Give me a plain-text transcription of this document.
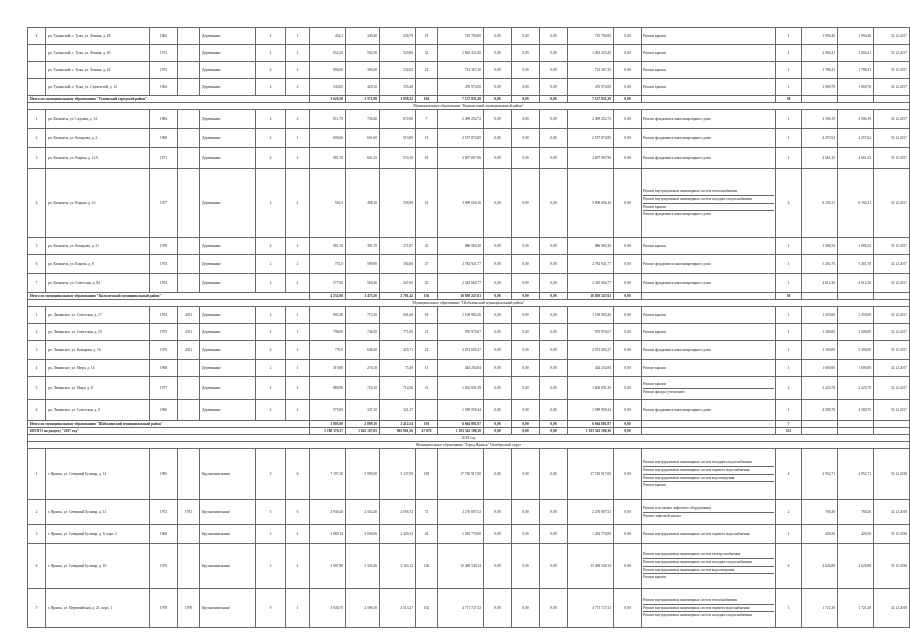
4	рп. Тужанский, г. Тужа, ул. Ленина, д. 28	1962		Деревянные	2	1	454,2	349,40	249,79	19	725 760,00	0,00	0,00	0,00	725 760,00	0,00	Ремонт крыши	1	1 994,40	1 994,40	31.12.2017
	рп. Тужанский, г. Тужа, ул. Ленина, д. 40	1972		Деревянные	2	2	652,20	592,30	520,80	23	1 063 433,20	0,00	0,00	0,00	1 063 433,20	0,00	Ремонт крыши	1	2 004,41	2 004,41	31.12.2017
	рп. Тужанский, г. Тужа, ул. Ленина, д. 24	1973		Деревянные	2	2	890,00	399,40	132,02	22	714 367,20	0,00	0,00	0,00	714 367,20	0,00	Ремонт крыши	1	1 788,41	1 788,41	31.12.2017
	рп. Тужанский, г. Тужа, ул. Строителей, д. 12	1964		Деревянные	2	2	543,00	429,10	155,40		476 974,00	0,00	0,00	0,00	476 974,00	0,00	Ремонт крыши	1	1 069,70	1 069,70	31.12.2017
Итого по муниципальному образованию "Тужинский городской район"							3 620,30	2 571,90	1 058,32	104	7 137 831,20	0,00	0,00	0,00	7 137 831,20	0,00		38			
Муниципальное образование "Кильмезский муниципальный район"																					
1	рп. Кильмезь, ул. Садовая, д. 14	1984		Деревянные	2	2	811,70	730,40	672,90	7	2 499 252,72	0,00	0,00	0,00	2 499 252,72	0,00	Ремонт фундамента многоквартирного дома	1	3 506,19	3 506,19	31.12.2017
2	рп. Кильмезь, ул. Комарова, д. 2	1969		Деревянные	2	1	600,60	601,60	513,80	13	2 557 874,85	0,00	0,00	0,00	2 557 874,85	0,00	Ремонт фундамента многоквартирного дома	1	4 257,62	4 257,62	31.12.2017
3	рп. Кильмезь, ул. Кирова, д. 12А	1971		Деревянные	2	2	981,50	601,25	574,10	18	2 697 067,96	0,00	0,00	0,00	2 697 067,96	0,00	Ремонт фундамента многоквартирного дома	1	4 661,25	4 661,25	31.12.2017
4	рп. Кильмезь, ул. Кирова, д. 16	1977		Деревянные	2	2	562,9	498,10	358,90	21	3 009 656,16	0,00	0,00	0,00	3 009 656,16	0,00	Ремонт внутридомовых инженерных систем теплоснабжения
Ремонт внутридомовых инженерных систем холодного водоснабжения
Ремонт крыши
Ремонт фундамента многоквартирного дома	4	6 192,31	6 192,31	31.12.2017
5	рп. Кильмезь, ул. Комарова, д. 21	1978		Деревянные	2	2	981,30	381,70	371,87	23	886 965,30	0,00	0,00	0,00	886 965,30	0,00	Ремонт крыши	1	1 086,54	1 086,54	31.12.2017
6	рп. Кильмезь, ул. Кирова, д. 8	1974		Деревянные	2	2	751,5	589,90	192,60	27	2 782 921,77	0,00	0,00	0,00	2 782 921,77	0,00	Ремонт фундамента многоквартирного дома	1	5 261,70	5 261,70	31.12.2017
7	рп. Кильмезь, ул. Советская, д. 84	1974		Деревянные	2	2	577,60	500,46	447,00	23	2 345 664,77	0,00	0,00	0,00	2 345 664,77	0,00	Ремонт фундамента многоквартирного дома	1	4 612,36	4 612,36	31.12.2017
Итого по муниципальному образованию "Кильмезский муниципальный район"							4 232,00	3 473,20	2 791,42	156	16 850 247,63	0,00	0,00	0,00	16 850 247,63	0,00		30			
Муниципальное образование "Шабалинский муниципальный район"																					
1	рп. Ленинское, ул. Советская, д. 17	1974	2011	Деревянные	2	1	805,30	772,30	601,60	18	1 109 983,26	0,00	0,00	0,00	1 109 983,26	0,00	Ремонт крыши	1	1 450,00	1 450,00	31.12.2017
2	рп. Ленинское, ул. Советская, д. 19	1975	2011	Деревянные	2	1	796,00	746,50	771,00	21	970 976,67	0,00	0,00	0,00	970 976,67	0,00	Ремонт крыши	1	1 300,00	1 300,00	31.12.2017
3	рп. Ленинское, ул. Комарова, д. 16	1970	2011	Деревянные	2	2	770,0	648,20	425,71	22	2 072 605,27	0,00	0,00	0,00	2 072 605,27	0,00	Ремонт фундамента многоквартирного дома	1	3 300,00	3 300,00	31.12.2017
4	рп. Ленинское, ул. Мира, д. 14	1968		Деревянные	2	1	319,80	276,18	75,40	11	444 254,84	0,00	0,00	0,00	444 254,84	0,00	Ремонт крыши	1	1 600,00	1 600,00	31.12.2017
5	рп. Ленинское, ул. Мира, д. 8	1977		Деревянные	2	2	880,90	720,10	714,56	31	1 602 691,39	0,00	0,00	0,00	1 602 691,39	0,00	Ремонт крыши
Ремонт фасада (утепление)	2	2 225,70	2 225,70	31.12.2017
6	рп. Ленинское, ул. Советская, д. 9	1966		Деревянные	2	2	575,00	347,10	321,37		1 589 959,44	0,00	0,00	0,00	1 589 959,44	0,00	Ремонт фундамента многоквартирного дома	1	4 580,70	4 580,70	31.12.2017
Итого по муниципальному образованию "Шабалинский муниципальный район"							5 805,00	2 899,10	2 412,54	103	6 664 881,87	0,00	0,00	0,00	6 664 881,87	0,00		7			
ИТОГО по разделу "2017 год"							5 188 376,37	1 625 107,85	861 961,56	47 076	1 103 343 106,30	0,00	0,00	0,00	1 103 343 106,30	0,00		331			
2018 год																					
Муниципальное образование "Город Яранск" Октябрьский округ																					
1	г. Яранск, ул. Северный Бульвар, д. 14	1985		Крупнопанельные	5	6	7 197,20	5 999,30	5 137,09	185	17 720 917,00	0,00	0,00	0,00	17 720 917,00	0,00	Ремонт внутридомовых инженерных систем холодного водоснабжения
Ремонт внутридомовых инженерных систем горячего водоснабжения
Ремонт внутридомовых инженерных систем водоотведения
Ремонт крыши	4	2 952,71	2 952,71	31.12.2018
2	г. Яранск, ул. Северный Бульвар, д. 12	1972	1972	Крупнопанельные	5	6	2 936,40	2 502,40	2 056,72	72	2 276 807,52	0,00	0,00	0,00	2 276 807,52	0,00	Ремонт или замена лифтового оборудования
Ремонт лифтовой шахты	2	768,26	768,26	31.12.2018
3	г. Яранск, ул. Северный Бульвар, д. 8, корп. 2	1960		Крупнопанельные	5	4	3 869,14	3 006,96	2 429,14	44	1 282 770,00	0,00	0,00	0,00	1 282 770,00	0,00	Ремонт внутридомовых инженерных систем горячего водоснабжения	1	426,56	426,56	31.12.2018
4	г. Яранск, ул. Северный Бульвар, д. 10	1976		Крупнопанельные	5	4	3 907,80	3 343,36	3 163,12	126	15 469 549,14	0,00	0,00	0,00	15 469 549,14	0,00	Ремонт внутридомовых инженерных систем электроснабжения
Ремонт внутридомовых инженерных систем холодного водоснабжения
Ремонт внутридомовых инженерных систем водоотведения
Ремонт крыши	4	4 626,88	4 626,88	31.12.2018
5	г. Яранск, ул. Первомайская, д. 21, корп. 1	1978	1978	Крупнопанельные	9	1	3 040,70	2 596,10	4 513,27	102	4 771 727,52	0,00	0,00	0,00	4 771 727,52	0,00	Ремонт внутридомовых инженерных систем теплоснабжения
Ремонт внутридомовых инженерных систем горячего водоснабжения
Ремонт внутридомовых инженерных систем холодного водоснабжения	3	1 721,20	1 721,20	31.12.2018
